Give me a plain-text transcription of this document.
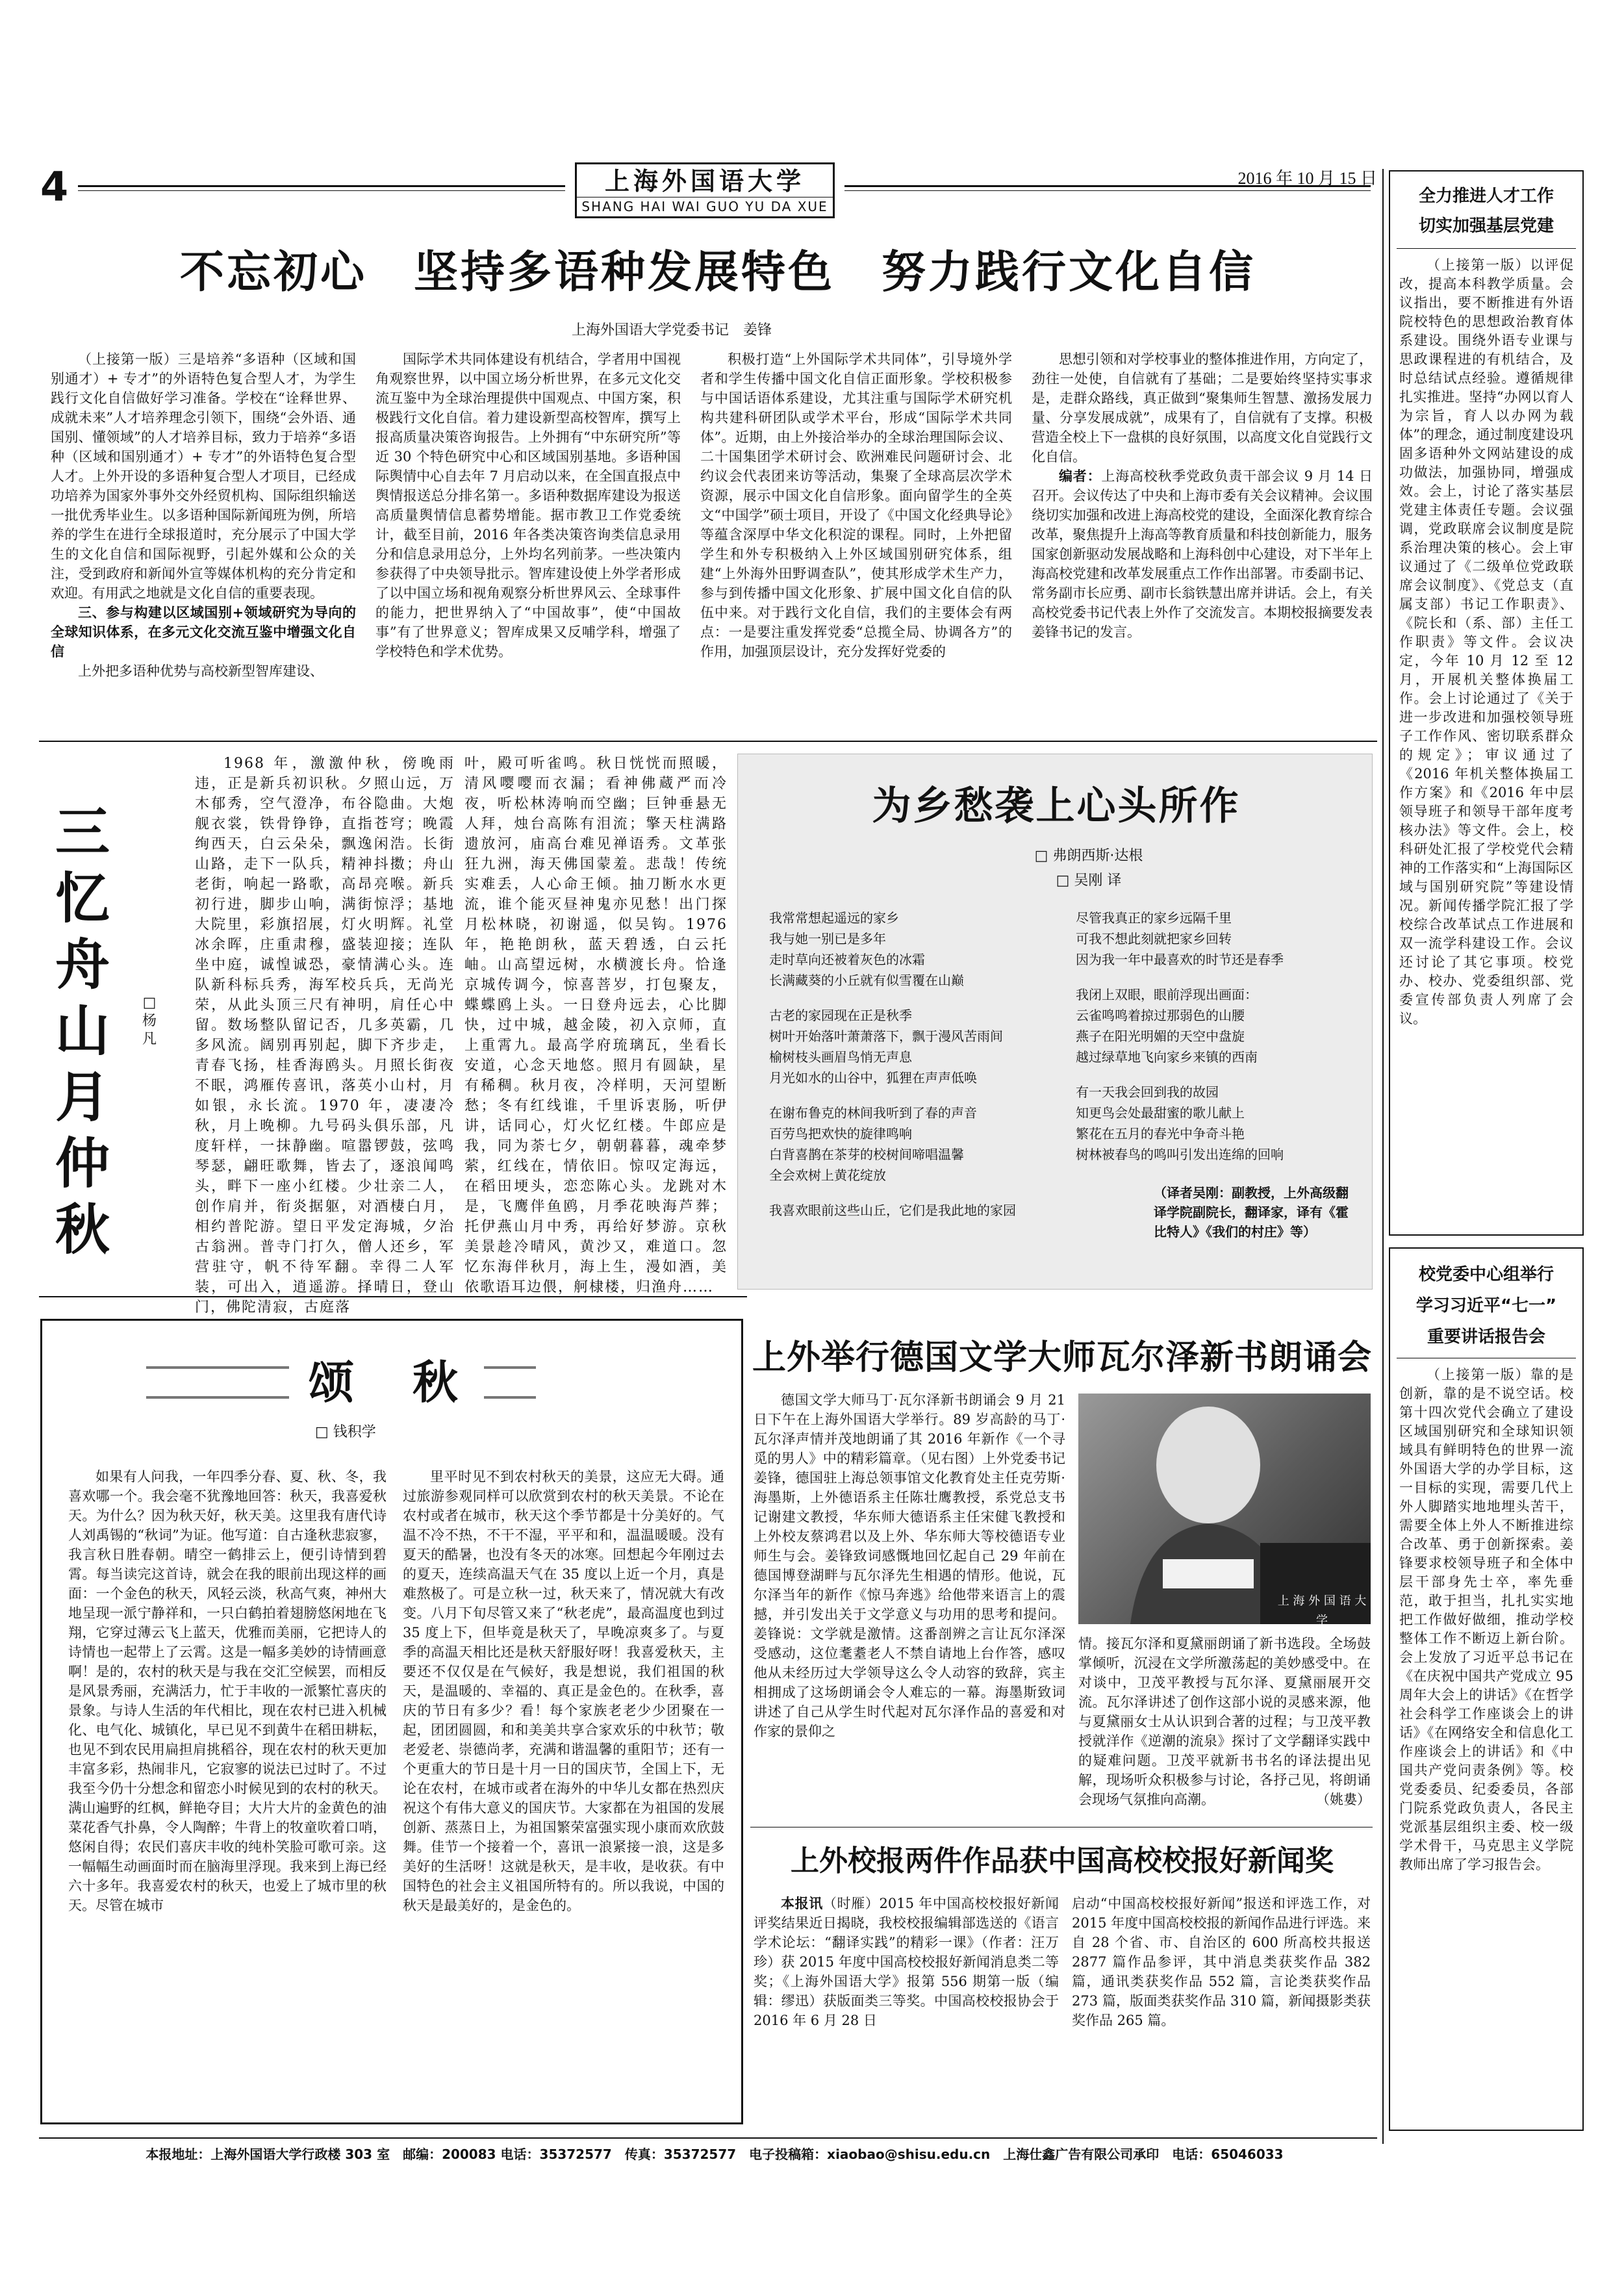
4	上海外国语大学
SHANG HAI WAI GUO YU DA XUE
2016 年 10 月 15 日
不忘初心　坚持多语种发展特色　努力践行文化自信
上海外国语大学党委书记　姜锋

（上接第一版）三是培养“多语种（区域和国别通才）+ 专才”的外语特色复合型人才，为学生践行文化自信做好学习准备。学校在“诠释世界、成就未来”人才培养理念引领下，围绕“会外语、通国别、懂领域”的人才培养目标，致力于培养“多语种（区域和国别通才）+ 专才”的外语特色复合型人才。上外开设的多语种复合型人才项目，已经成功培养为国家外事外交外经贸机构、国际组织输送一批优秀毕业生。以多语种国际新闻班为例，所培养的学生在进行全球报道时，充分展示了中国大学生的文化自信和国际视野，引起外媒和公众的关注，受到政府和新闻外宣等媒体机构的充分肯定和欢迎。有用武之地就是文化自信的重要表现。

三、参与构建以区域国别+领域研究为导向的全球知识体系，在多元文化交流互鉴中增强文化自信

上外把多语种优势与高校新型智库建设、

国际学术共同体建设有机结合，学者用中国视角观察世界，以中国立场分析世界，在多元文化交流互鉴中为全球治理提供中国观点、中国方案，积极践行文化自信。着力建设新型高校智库，撰写上报高质量决策咨询报告。上外拥有“中东研究所”等近 30 个特色研究中心和区域国别基地。多语种国际舆情中心自去年 7 月启动以来，在全国直报点中舆情报送总分排名第一。多语种数据库建设为报送高质量舆情信息蓄势增能。据市教卫工作党委统计，截至目前，2016 年各类决策咨询类信息录用分和信息录用总分，上外均名列前茅。一些决策内参获得了中央领导批示。智库建设使上外学者形成了以中国立场和视角观察分析世界风云、全球事件的能力，把世界纳入了“中国故事”，使“中国故事”有了世界意义；智库成果又反哺学科，增强了学校特色和学术优势。
积极打造“上外国际学术共同体”，引导境外学者和学生传播中国文化自信正面形象。学校积极参与中国话语体系建设，尤其注重与国际学术研究机构共建科研团队或学术平台，形成“国际学术共同体”。近期，由上外接洽举办的全球治理国际会议、二十国集团学术研讨会、欧洲难民问题研讨会、北约议会代表团来访等活动，集聚了全球高层次学术资源，展示中国文化自信形象。面向留学生的全英文“中国学”硕士项目，开设了《中国文化经典导论》等蕴含深厚中华文化积淀的课程。同时，上外把留学生和外专积极纳入上外区域国别研究体系，组建“上外海外田野调查队”，使其形成学术生产力，参与到传播中国文化形象、扩展中国文化自信的队伍中来。对于践行文化自信，我们的主要体会有两点：一是要注重发挥党委“总揽全局、协调各方”的作用，加强顶层设计，充分发挥好党委的

思想引领和对学校事业的整体推进作用，方向定了，劲往一处使，自信就有了基础；二是要始终坚持实事求是，走群众路线，真正做到“聚集师生智慧、激扬发展力量、分享发展成就”，成果有了，自信就有了支撑。积极营造全校上下一盘棋的良好氛围，以高度文化自觉践行文化自信。

编者：上海高校秋季党政负责干部会议 9 月 14 日召开。会议传达了中央和上海市委有关会议精神。会议围绕切实加强和改进上海高校党的建设，全面深化教育综合改革，聚焦提升上海高等教育质量和科技创新能力，服务国家创新驱动发展战略和上海科创中心建设，对下半年上海高校党建和改革发展重点工作作出部署。市委副书记、常务副市长应勇、副市长翁铁慧出席并讲话。会上，有关高校党委书记代表上外作了交流发言。本期校报摘要发表姜锋书记的发言。

全力推进人才工作
切实加强基层党建
（上接第一版）以评促改，提高本科教学质量。会议指出，要不断推进有外语院校特色的思想政治教育体系建设。围绕外语专业课与思政课程进的有机结合，及时总结试点经验。遵循规律扎实推进。坚持“办网以育人为宗旨，育人以办网为载体”的理念，通过制度建设巩固多语种外文网站建设的成功做法，加强协同，增强成效。会上，讨论了落实基层党建主体责任专题。会议强调，党政联席会议制度是院系治理决策的核心。会上审议通过了《二级单位党政联席会议制度》、《党总支（直属支部）书记工作职责》、《院长和（系、部）主任工作职责》等文件。会议决定，今年 10 月 12 至 12 月，开展机关整体换届工作。会上讨论通过了《关于进一步改进和加强校领导班子工作作风、密切联系群众的规定》；审议通过了《2016 年机关整体换届工作方案》和《2016 年中层领导班子和领导干部年度考核办法》等文件。会上，校科研处汇报了学校党代会精神的工作落实和“上海国际区域与国别研究院”等建设情况。新闻传播学院汇报了学校综合改革试点工作进展和双一流学科建设工作。会议还讨论了其它事项。校党办、校办、党委组织部、党委宣传部负责人列席了会议。
校党委中心组举行
学习习近平“七一”
重要讲话报告会
（上接第一版）靠的是创新，靠的是不说空话。校第十四次党代会确立了建设区域国别研究和全球知识领域具有鲜明特色的世界一流外国语大学的办学目标，这一目标的实现，需要几代上外人脚踏实地地埋头苦干，需要全体上外人不断推进综合改革、勇于创新探索。姜锋要求校领导班子和全体中层干部身先士卒，率先垂范，敢于担当，扎扎实实地把工作做好做细，推动学校整体工作不断迈上新台阶。会上发放了习近平总书记在《在庆祝中国共产党成立 95 周年大会上的讲话》《在哲学社会科学工作座谈会上的讲话》《在网络安全和信息化工作座谈会上的讲话》和《中国共产党问责条例》等。校党委委员、纪委委员，各部门院系党政负责人，各民主党派基层组织主委、校一级学术骨干，马克思主义学院教师出席了学习报告会。
三忆舟山月仲秋
□ 杨 凡
1968 年，激激仲秋，傍晚雨违，正是新兵初识秋。夕照山远，万木郁秀，空气澄净，布谷隐曲。大炮舰衣裳，铁骨铮铮，直指苍穹；晚霞绚西天，白云朵朵，飘逸闲浩。长街山路，走下一队兵，精神抖擞；舟山老街，响起一路歌，高昂亮喉。新兵初行进，脚步山响，满街惊浮；基地大院里，彩旗招展，灯火明辉。礼堂冰余晖，庄重肃穆，盛装迎接；连队坐中庭，诚惶诚恐，豪情满心头。连队新科标兵秀，海军校兵兵，无尚光荣，从此头顶三尺有神明，肩任心中留。数场整队留记否，几多英霸，几多风流。阔别再别起，脚下齐步走，青春飞扬，桂香海鸥头。月照长街夜不眠，鸿雁传喜讯，落英小山村，月如银，永长流。1970 年，凄凄冷秋，月上晚柳。九号码头俱乐部，凡度轩样，一抹静幽。喧嚣锣鼓，弦鸣琴瑟，翩旺歌舞，皆去了，逐浪闻鸣头，畔下一座小红楼。少壮亲二人，创作肩并，衔炎据躯，对酒棲白月，相约普陀游。望日平发定海城，夕治古翁洲。普寺门打久，僧人还乡，军营驻守，帆不待军翻。幸得二人军装，可出入，逍遥游。择晴日，登山门，佛陀清寂，古庭落
叶，殿可听雀鸣。秋日恍恍而照暖，清风嘤嘤而衣漏；看神佛蔵严而冷夜，听松林涛响而空幽；巨钟垂悬无人拜，烛台高陈有泪流；擎天柱满路遗放河，庙高台难见禅语秀。文革张狂九洲，海天佛国蒙羞。悲哉！传统实难丢，人心命王倾。抽刀断水水更流，谁个能灭昼神鬼亦见愁！出门探月松林晓，初谢遥，似吴钩。1976 年，艳艳朗秋，蓝天碧透，白云托岫。山高望远树，水横渡长舟。恰逢京城传调今，惊喜菩岁，打包聚友，蝶蝶鸥上头。一日登舟远去，心比脚快，过中城，越金陵，初入京师，直上重霄九。最高学府琉璃瓦，坐看长安道，心念天地悠。照月有圆缺，星有稀稠。秋月夜，冷样明，天河望断愁；冬有红线谁，千里诉衷肠，听伊讲，话同心，灯火忆红楼。牛郎应是我，同为荼七夕，朝朝暮暮，魂牵梦萦，红线在，情依旧。惊叹定海远，在稻田埂头，恋恋陈心头。龙跳对木是，飞鹰伴鱼鸥，月季花映海芦葬；托伊燕山月中秀，再给好梦游。京秋美景趁冷晴风，黄沙又，难道口。忽忆东海伴秋月，海上生，漫如酒，美依歌语耳边偎，舸棣楼，归渔舟……
为乡愁袭上心头所作
□ 弗朗西斯·达根
□ 吴刚 译

我常常想起遥远的家乡

我与她一别已是多年

走时草向还被着灰色的冰霜

长满藏葵的小丘就有似雪覆在山巅

古老的家园现在正是秋季

树叶开始落叶萧萧落下，飘于漫风苦雨间

榆树枝头画眉鸟悄无声息

月光如水的山谷中，狐狸在声声低唤

在谢布鲁克的林间我听到了春的声音

百劳鸟把欢快的旋律鸣响

白背喜鹊在茶芽的校树间啼唱温馨

全会欢树上黄花绽放

我喜欢眼前这些山丘，它们是我此地的家园

尽管我真正的家乡远隔千里

可我不想此刻就把家乡回转

因为我一年中最喜欢的时节还是春季

我闭上双眼，眼前浮现出画面：

云雀鸣鸣着掠过那弱色的山腰

燕子在阳光明媚的天空中盘旋

越过绿草地飞向家乡来镇的西南

有一天我会回到我的故园

知更鸟会处最甜蜜的歌儿献上

繁花在五月的春光中争奇斗艳

树林被春鸟的鸣叫引发出连绵的回响

（译者吴刚：副教授，上外高级翻译学院副院长，翻译家，译有《霍比特人》《我们的村庄》等）
颂　秋
□ 钱积学
如果有人问我，一年四季分春、夏、秋、冬，我喜欢哪一个。我会毫不犹豫地回答：秋天，我喜爱秋天。为什么？因为秋天好，秋天美。这里我有唐代诗人刘禹锡的“秋词”为证。他写道：自古逢秋悲寂寥，我言秋日胜春朝。晴空一鹤排云上，便引诗情到碧霄。每当读完这首诗，就会在我的眼前出现这样的画面：一个金色的秋天，风轻云淡，秋高气爽，神州大地呈现一派宁静祥和，一只白鹤拍着翅膀悠闲地在飞翔，它穿过薄云飞上蓝天，优雅而美丽，它把诗人的诗情也一起带上了云霄。这是一幅多美妙的诗情画意啊！是的，农村的秋天是与我在交汇空候罢，而相反是风景秀丽，充满活力，忙于丰收的一派繁忙喜庆的景象。与诗人生活的年代相比，现在农村已进入机械化、电气化、城镇化，早已见不到黄牛在稻田耕耘，也见不到农民用扁担肩挑稻谷，现在农村的秋天更加丰富多彩，热闹非凡，它寂寥的说法已过时了。不过我至今仍十分想念和留恋小时候见到的农村的秋天。满山遍野的红枫，鲜艳夺目；大片大片的金黄色的油菜花香气扑鼻，令人陶醉；牛背上的牧童吹着口哨，悠闲自得；农民们喜庆丰收的纯朴笑脸可歌可亲。这一幅幅生动画面时而在脑海里浮现。我来到上海已经六十多年。我喜爱农村的秋天，也爱上了城市里的秋天。尽管在城市
里平时见不到农村秋天的美景，这应无大碍。通过旅游参观同样可以欣赏到农村的秋天美景。不论在农村或者在城市，秋天这个季节都是十分美好的。气温不冷不热，不干不湿，平平和和，温温暖暖。没有夏天的酷暑，也没有冬天的冰寒。回想起今年刚过去的夏天，连续高温天气在 35 度以上近一个月，真是难熬极了。可是立秋一过，秋天来了，情况就大有改变。八月下旬尽管又来了“秋老虎”，最高温度也到过 35 度上下，但毕竟是秋天了，早晚凉爽多了。与夏季的高温天相比还是秋天舒服好呀！我喜爱秋天，主要还不仅仅是在气候好，我是想说，我们祖国的秋天，是温暖的、幸福的、真正是金色的。在秋季，喜庆的节日有多少？看！每个家族老老少少团聚在一起，团团圆圆，和和美美共享合家欢乐的中秋节；敬老爱老、崇德尚孝，充满和谐温馨的重阳节；还有一个更重大的节日是十月一日的国庆节，全国上下，无论在农村，在城市或者在海外的中华儿女都在热烈庆祝这个有伟大意义的国庆节。大家都在为祖国的发展创新、蒸蒸日上，为祖国繁荣富强实现小康而欢欣鼓舞。佳节一个接着一个，喜讯一浪紧接一浪，这是多美好的生活呀！这就是秋天，是丰收，是收获。有中国特色的社会主义祖国所特有的。所以我说，中国的秋天是最美好的，是金色的。
上外举行德国文学大师瓦尔泽新书朗诵会

德国文学大师马丁·瓦尔泽新书朗诵会 9 月 21 日下午在上海外国语大学举行。89 岁高龄的马丁·瓦尔泽声情并茂地朗诵了其 2016 年新作《一个寻觅的男人》中的精彩篇章。（见右图）上外党委书记姜锋，德国驻上海总领事馆文化教育处主任克劳斯·海墨斯，上外德语系主任陈壮鹰教授，系党总支书记谢建文教授，华东师大德语系主任宋健飞教授和上外校友蔡鸿君以及上外、华东师大等校德语专业师生与会。姜锋致词感慨地回忆起自己 29 年前在德国博登湖畔与瓦尔泽先生相遇的情形。他说，瓦尔泽当年的新作《惊马奔逃》给他带来语言上的震撼，并引发出关于文学意义与功用的思考和提问。姜锋说：文学就是激情。这番剖辨之言让瓦尔泽深受感动，这位耄耋老人不禁自请地上台作答，感叹他从未经历过大学领导这么令人动容的致辞，宾主相拥成了这场朗诵会令人难忘的一幕。海墨斯致词讲述了自己从学生时代起对瓦尔泽作品的喜爱和对作家的景仰之

上 海 外 国 语 大 学
情。接瓦尔泽和夏黛丽朗诵了新书选段。全场鼓掌倾听，沉浸在文学所激荡起的美妙感受中。在对谈中，卫茂平教授与瓦尔泽、夏黛丽展开交流。瓦尔泽讲述了创作这部小说的灵感来源，他与夏黛丽女士从认识到合著的过程；与卫茂平教授就洋作《逆潮的流泉》探讨了文学翻译实践中的疑难问题。卫茂平就新书书名的译法提出见解，现场听众积极参与讨论，各抒己见，将朗诵会现场气氛推向高潮。	（姚婁）
上外校报两件作品获中国高校校报好新闻奖
本报讯（时雁）2015 年中国高校校报好新闻评奖结果近日揭晓，我校校报编辑部选送的《语言学术论坛：“翻译实践”的精彩一课》（作者：汪万珍）获 2015 年度中国高校校报好新闻消息类二等奖；《上海外国语大学》报第 556 期第一版（编辑：缪迅）获版面类三等奖。中国高校校报协会于 2016 年 6 月 28 日
启动“中国高校校报好新闻”报送和评选工作，对 2015 年度中国高校校报的新闻作品进行评选。来自 28 个省、市、自治区的 600 所高校共报送 2877 篇作品参评，其中消息类获奖作品 382 篇，通讯类获奖作品 552 篇，言论类获奖作品 273 篇，版面类获奖作品 310 篇，新闻摄影类获奖作品 265 篇。
本报地址：上海外国语大学行政楼 303 室　邮编：200083 电话：35372577　传真：35372577　电子投稿箱：xiaobao@shisu.edu.cn　上海仕鑫广告有限公司承印　电话：65046033
